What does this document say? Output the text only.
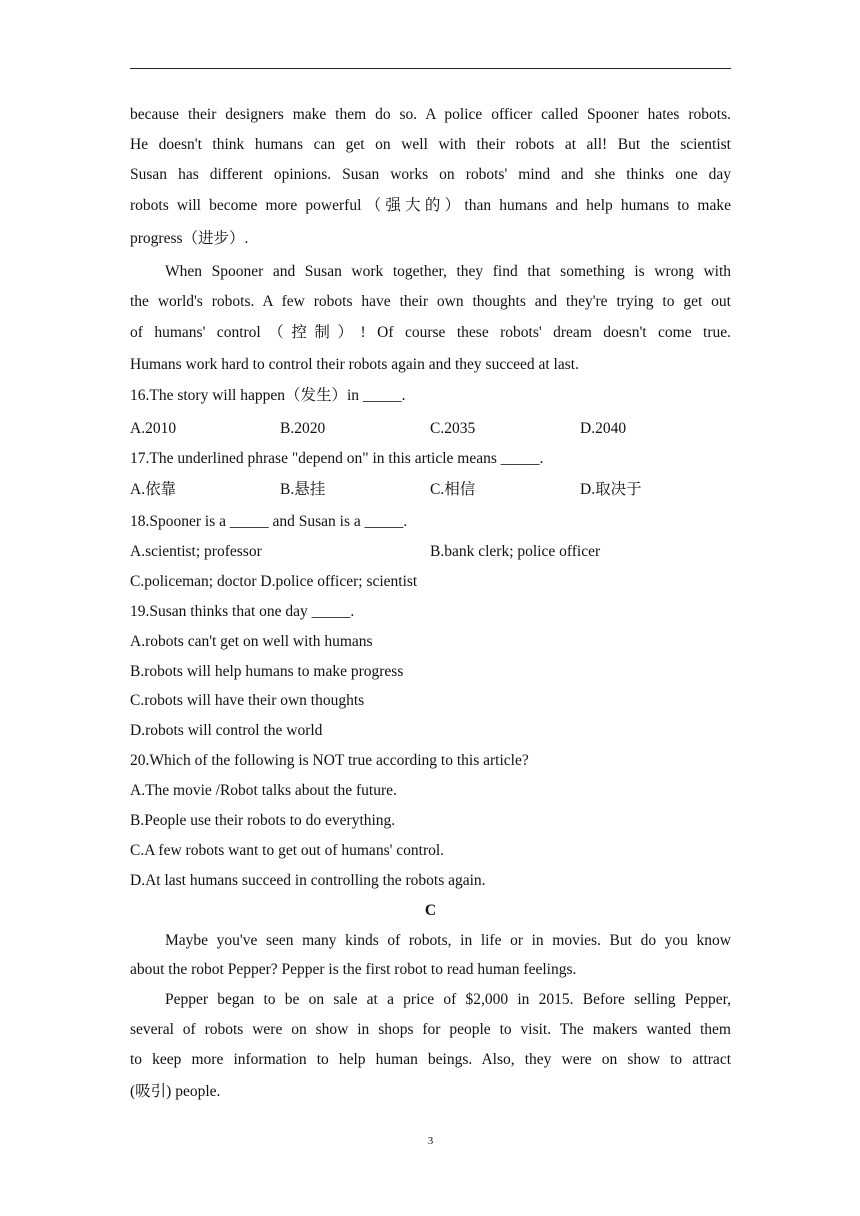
because their designers make them do so. A police officer called Spooner hates robots.
He doesn't think humans can get on well with their robots at all! But the scientist
Susan has different opinions. Susan works on robots' mind and she thinks one day
robots will become more powerful（强大的）than humans and help humans to make
progress（进步）.
When Spooner and Susan work together, they find that something is wrong with
the world's robots. A few robots have their own thoughts and they're trying to get out
of humans' control（控制）! Of course these robots' dream doesn't come true.
Humans work hard to control their robots again and they succeed at last.
16.The story will happen（发生）in _____.
A.2010	B.2020	C.2035	D.2040
17.The underlined phrase "depend on" in this article means _____.
A.依靠	B.悬挂	C.相信	D.取决于
18.Spooner is a _____ and Susan is a _____.
A.scientist; professor	B.bank clerk; police officer
C.policeman; doctor D.police officer; scientist
19.Susan thinks that one day _____.
A.robots can't get on well with humans
B.robots will help humans to make progress
C.robots will have their own thoughts
D.robots will control the world
20.Which of the following is NOT true according to this article?
A.The movie /Robot talks about the future.
B.People use their robots to do everything.
C.A few robots want to get out of humans' control.
D.At last humans succeed in controlling the robots again.
C
Maybe you've seen many kinds of robots, in life or in movies. But do you know
about the robot Pepper? Pepper is the first robot to read human feelings.
Pepper began to be on sale at a price of $2,000 in 2015. Before selling Pepper,
several of robots were on show in shops for people to visit. The makers wanted them
to keep more information to help human beings. Also, they were on show to attract
(吸引) people.
3
